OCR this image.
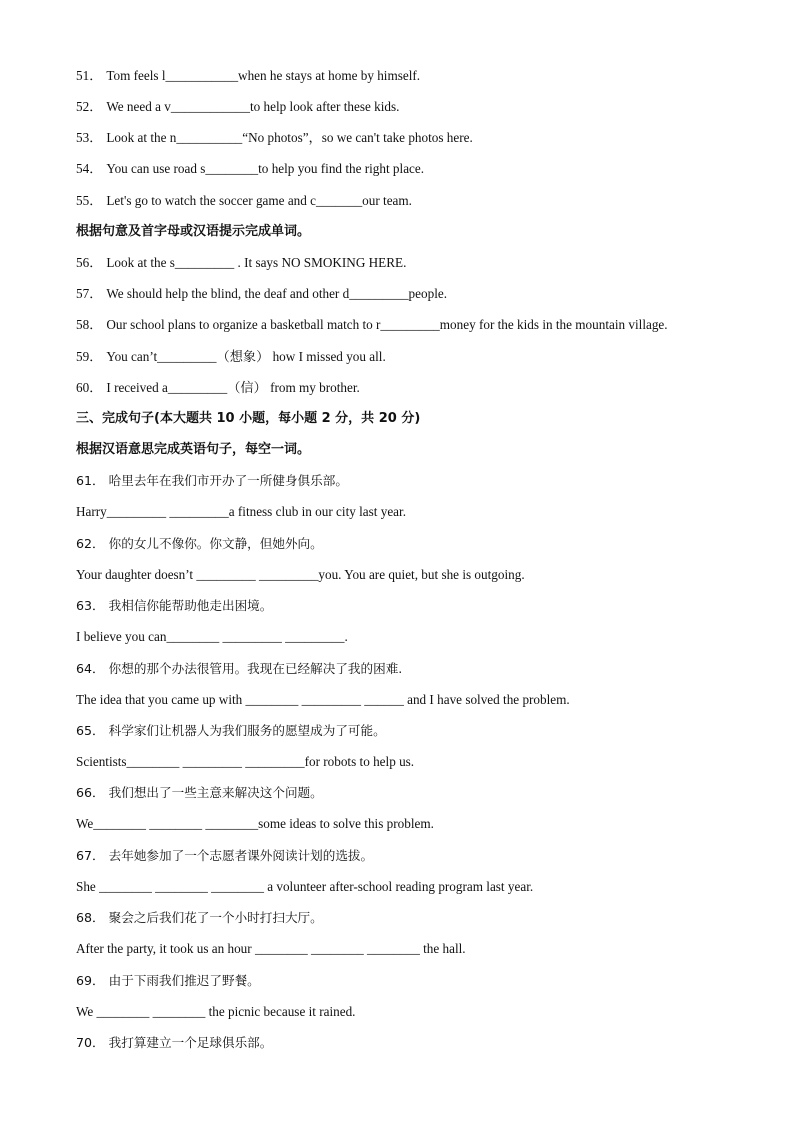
51． Tom feels l___________when he stays at home by himself.
52． We need a v____________to help look after these kids.
53． Look at the n__________“No photos”，so we can't take photos here.
54． You can use road s________to help you find the right place.
55． Let's go to watch the soccer game and c_______our team.
根据句意及首字母或汉语提示完成单词。
56． Look at the s_________ . It says NO SMOKING HERE.
57． We should help the blind, the deaf and other d_________people.
58． Our school plans to organize a basketball match to r_________money for the kids in the mountain village.
59． You can’t_________（想象） how I missed you all.
60． I received a_________（信） from my brother.
三、完成句子(本大题共 10 小题，每小题 2 分，共 20 分)
根据汉语意思完成英语句子，每空一词。
61． 哈里去年在我们市开办了一所健身俱乐部。
Harry_________ _________a fitness club in our city last year.
62． 你的女儿不像你。你文静，但她外向。
Your daughter doesn’t _________ _________you. You are quiet, but she is outgoing.
63． 我相信你能帮助他走出困境。
I believe you can________ _________ _________.
64． 你想的那个办法很管用。我现在已经解决了我的困难.
The idea that you came up with ________ _________ ______ and I have solved the problem.
65． 科学家们让机器人为我们服务的愿望成为了可能。
Scientists________ _________ _________for robots to help us.
66． 我们想出了一些主意来解决这个问题。
We________ ________ ________some ideas to solve this problem.
67． 去年她参加了一个志愿者课外阅读计划的选拔。
She ________ ________ ________ a volunteer after-school reading program last year.
68． 聚会之后我们花了一个小时打扫大厅。
After the party, it took us an hour ________ ________ ________ the hall.
69． 由于下雨我们推迟了野餐。
We ________ ________ the picnic because it rained.
70． 我打算建立一个足球俱乐部。
